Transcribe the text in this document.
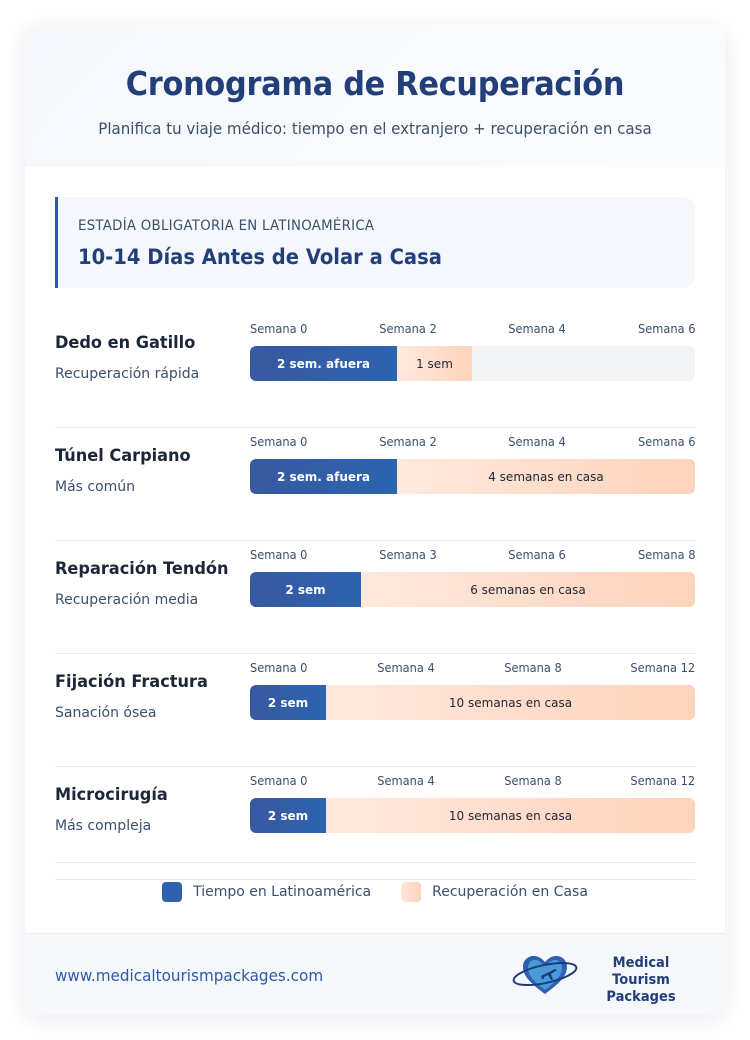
Cronograma de Recuperación
Planifica tu viaje médico: tiempo en el extranjero + recuperación en casa
ESTADÍA OBLIGATORIA EN LATINOAMÉRICA
10-14 Días Antes de Volar a Casa
Dedo en Gatillo
Recuperación rápida
Semana 0	Semana 2	Semana 4	Semana 6
2 sem. afuera	1 sem
Túnel Carpiano
Más común
Semana 0	Semana 2	Semana 4	Semana 6
2 sem. afuera	4 semanas en casa
Reparación Tendón
Recuperación media
Semana 0	Semana 3	Semana 6	Semana 8
2 sem	6 semanas en casa
Fijación Fractura
Sanación ósea
Semana 0	Semana 4	Semana 8	Semana 12
2 sem	10 semanas en casa
Microcirugía
Más compleja
Semana 0	Semana 4	Semana 8	Semana 12
2 sem	10 semanas en casa
Tiempo en Latinoamérica	Recuperación en Casa
www.medicaltourismpackages.com
Medical Tourism
Packages
